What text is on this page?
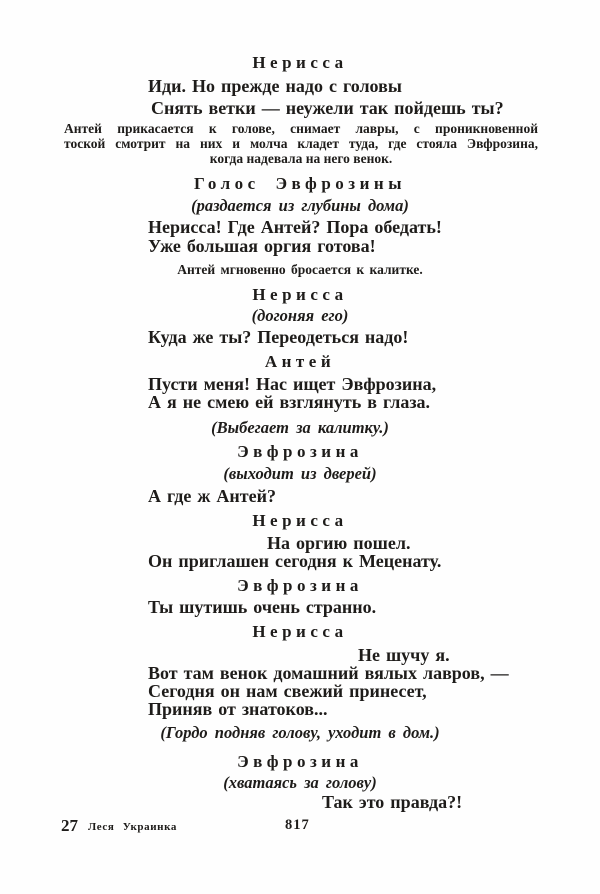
Нерисса
Иди. Но прежде надо с головы
Снять ветки — неужели так пойдешь ты?
Антей прикасается к голове, снимает лавры, с проникновенной
тоской смотрит на них и молча кладет туда, где стояла Эвфрозина,
когда надевала на него венок.
Голос Эвфрозины
(раздается из глубины дома)
Нерисса! Где Антей? Пора обедать!
Уже большая оргия готова!
Антей мгновенно бросается к калитке.
Нерисса
(догоняя его)
Куда же ты? Переодеться надо!
Антей
Пусти меня! Нас ищет Эвфрозина,
А я не смею ей взглянуть в глаза.
(Выбегает за калитку.)
Эвфрозина
(выходит из дверей)
А где ж Антей?
Нерисса
На оргию пошел.
Он приглашен сегодня к Меценату.
Эвфрозина
Ты шутишь очень странно.
Нерисса
Не шучу я.
Вот там венок домашний вялых лавров, —
Сегодня он нам свежий принесет,
Приняв от знатоков...
(Гордо подняв голову, уходит в дом.)
Эвфрозина
(хватаясь за голову)
Так это правда?!
27 Леся Украинка	817
